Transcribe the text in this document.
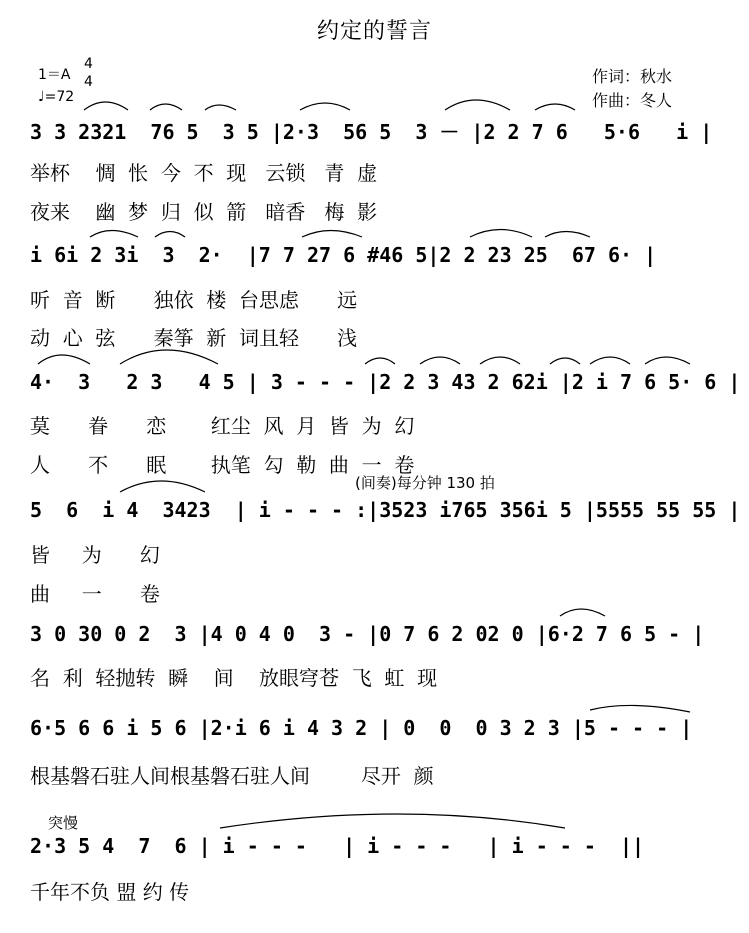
约定的誓言
1＝A
4
4
♩=72
作词：秋水
作曲：冬人
3 3 2321  76 5  3 5 |2·3  56 5  3 － |2 2 7 6   5·6   i |
举杯    惆  怅  今  不  现   云锁   青  虚
夜来    幽  梦  归  似  箭   暗香   梅  影
i 6i 2 3i  3  2·  |7 7 27 6 #46 5|2 2 23 25  67 6· |
听  音  断      独依  楼  台思虑      远
动  心  弦      秦筝  新  词且轻      浅
4·  3   2 3   4 5 | 3 - - - |2 2 3 43 2 62i |2 i 7 6 5· 6 |
莫      眷      恋       红尘  风  月  皆  为  幻
人      不      眠       执笔  勾  勒  曲  一  卷
(间奏)每分钟 130 拍
5  6  i 4  3423  | i - - - :|3523 i765 356i 5 |5555 55 55 |
皆     为      幻
曲     一      卷
3 0 30 0 2  3 |4 0 4 0  3 - |0 7 6 2 02 0 |6·2 7 6 5 - |
名  利  轻抛转  瞬    间    放眼穹苍  飞  虹  现
6·5 6 6 i 5 6 |2·i 6 i 4 3 2 | 0  0  0 3 2 3 |5 - - - |
根基磐石驻人间根基磐石驻人间        尽开  颜
突慢
2·3 5 4  7  6 | i - - -   | i - - -   | i - - -  ||
千年不负 盟 约 传
